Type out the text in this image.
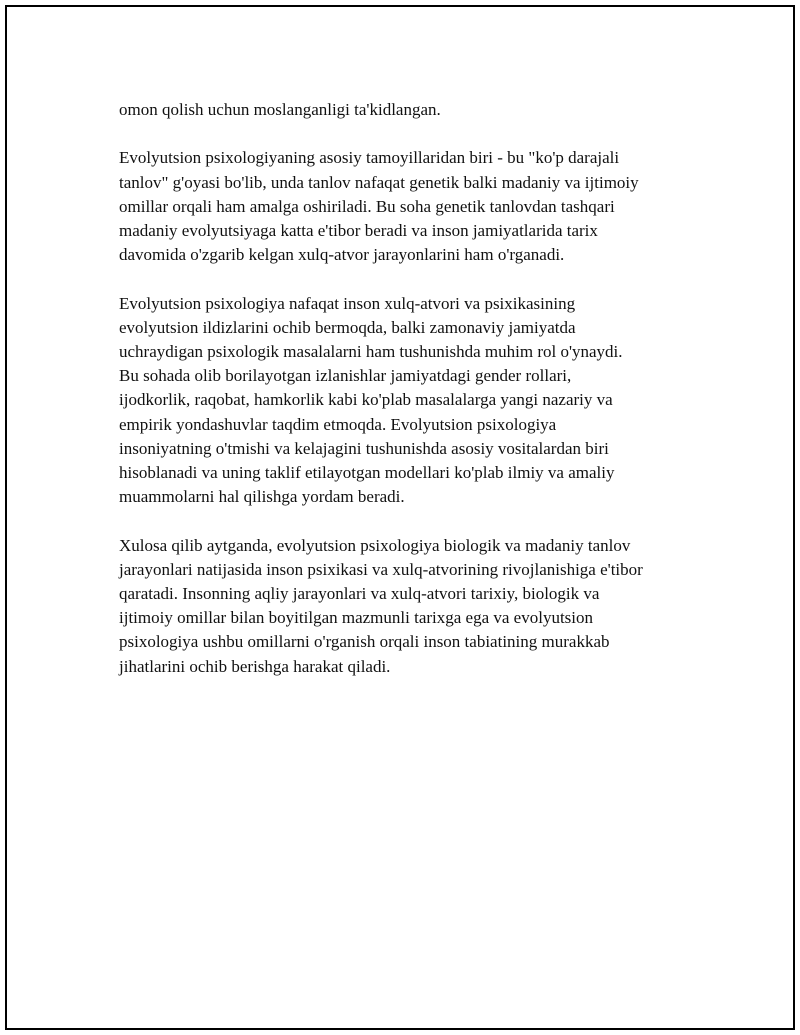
omon qolish uchun moslanganligi ta'kidlangan.

Evolyutsion psixologiyaning asosiy tamoyillaridan biri - bu "ko'p darajali
tanlov" g'oyasi bo'lib, unda tanlov nafaqat genetik balki madaniy va ijtimoiy
omillar orqali ham amalga oshiriladi. Bu soha genetik tanlovdan tashqari
madaniy evolyutsiyaga katta e'tibor beradi va inson jamiyatlarida tarix
davomida o'zgarib kelgan xulq-atvor jarayonlarini ham o'rganadi.

Evolyutsion psixologiya nafaqat inson xulq-atvori va psixikasining
evolyutsion ildizlarini ochib bermoqda, balki zamonaviy jamiyatda
uchraydigan psixologik masalalarni ham tushunishda muhim rol o'ynaydi.
Bu sohada olib borilayotgan izlanishlar jamiyatdagi gender rollari,
ijodkorlik, raqobat, hamkorlik kabi ko'plab masalalarga yangi nazariy va
empirik yondashuvlar taqdim etmoqda. Evolyutsion psixologiya
insoniyatning o'tmishi va kelajagini tushunishda asosiy vositalardan biri
hisoblanadi va uning taklif etilayotgan modellari ko'plab ilmiy va amaliy
muammolarni hal qilishga yordam beradi.

Xulosa qilib aytganda, evolyutsion psixologiya biologik va madaniy tanlov
jarayonlari natijasida inson psixikasi va xulq-atvorining rivojlanishiga e'tibor
qaratadi. Insonning aqliy jarayonlari va xulq-atvori tarixiy, biologik va
ijtimoiy omillar bilan boyitilgan mazmunli tarixga ega va evolyutsion
psixologiya ushbu omillarni o'rganish orqali inson tabiatining murakkab
jihatlarini ochib berishga harakat qiladi.
